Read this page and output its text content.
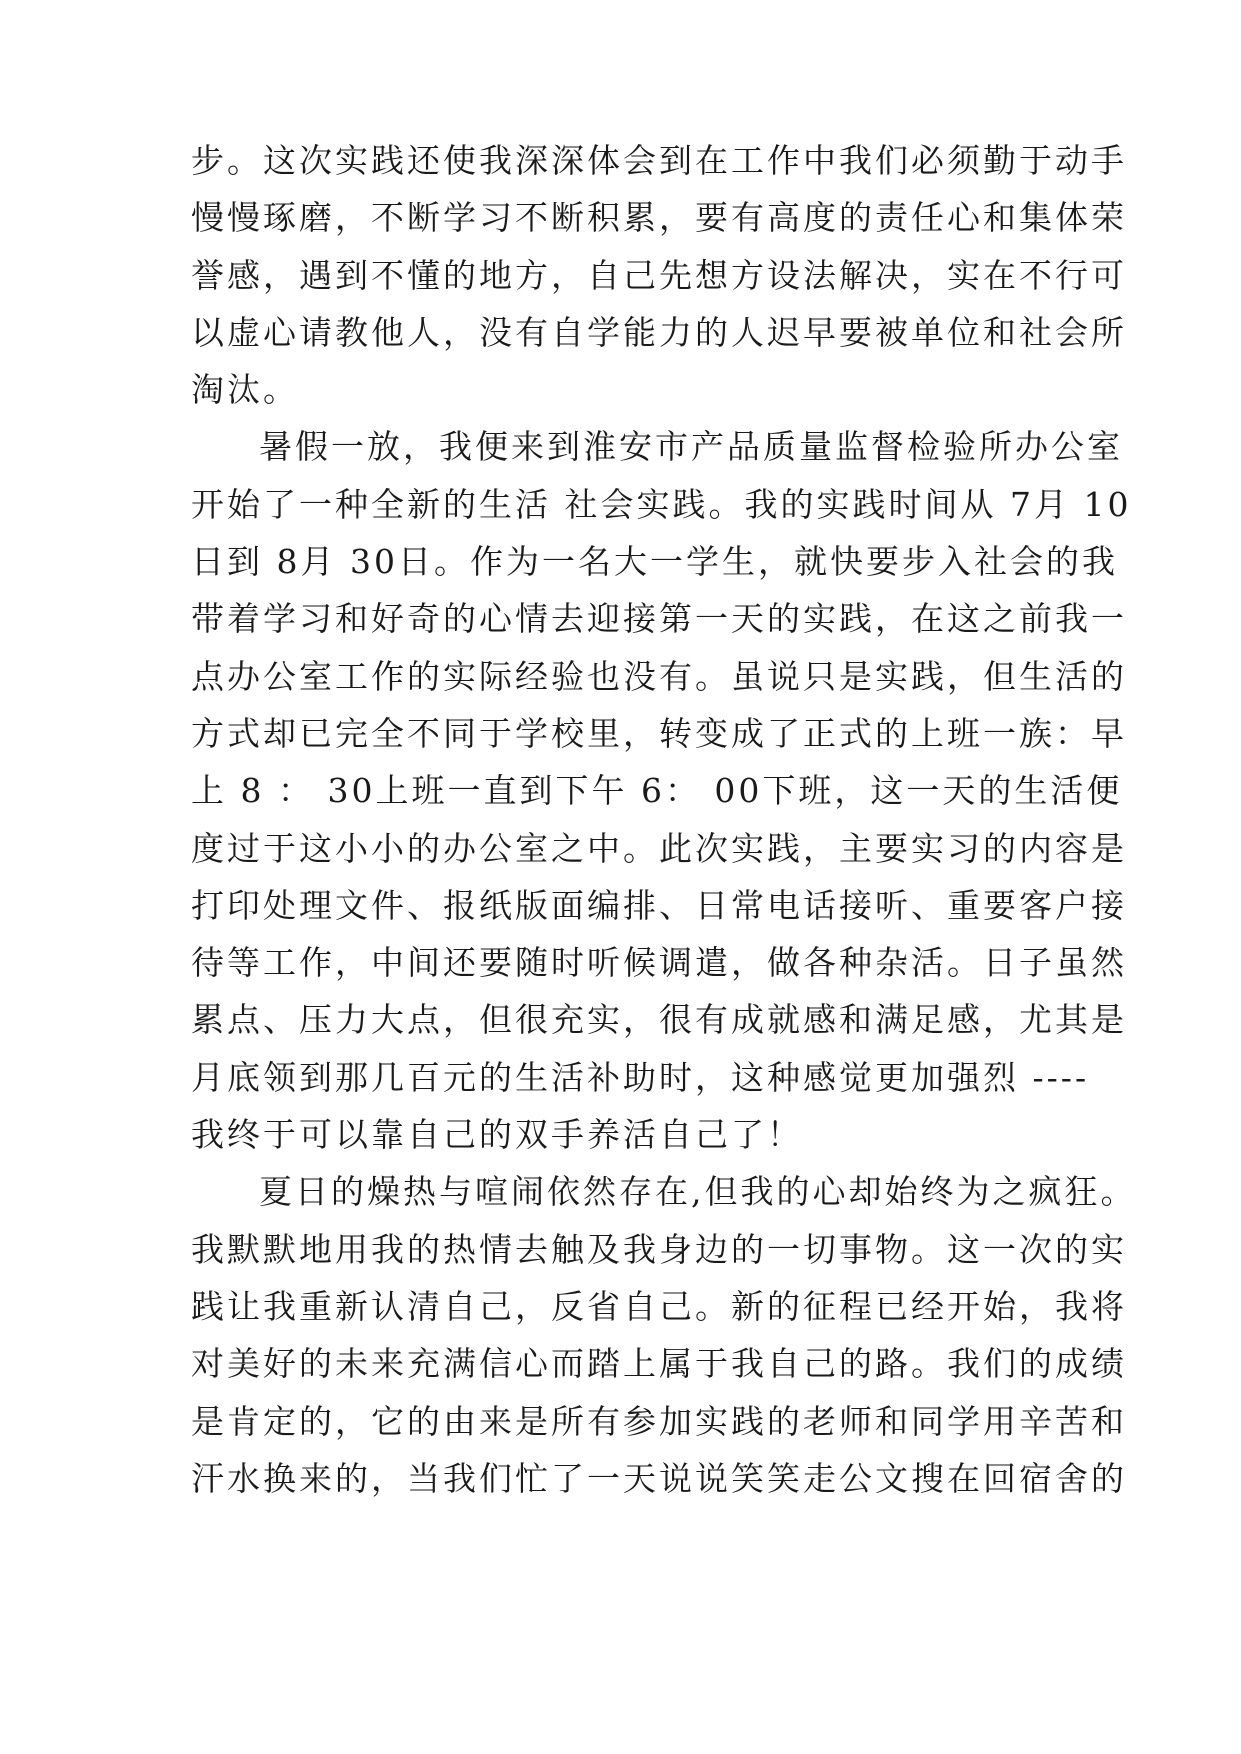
步。这次实践还使我深深体会到在工作中我们必须勤于动手
慢慢琢磨，不断学习不断积累，要有高度的责任心和集体荣
誉感，遇到不懂的地方，自己先想方设法解决，实在不行可
以虚心请教他人，没有自学能力的人迟早要被单位和社会所
淘汰。
暑假一放，我便来到淮安市产品质量监督检验所办公室
开始了一种全新的生活 社会实践。我的实践时间从 7月 10
日到 8月 30日。作为一名大一学生，就快要步入社会的我
带着学习和好奇的心情去迎接第一天的实践，在这之前我一
点办公室工作的实际经验也没有。虽说只是实践，但生活的
方式却已完全不同于学校里，转变成了正式的上班一族：早
上 8 ： 30上班一直到下午 6： 00下班，这一天的生活便
度过于这小小的办公室之中。此次实践，主要实习的内容是
打印处理文件、报纸版面编排、日常电话接听、重要客户接
待等工作，中间还要随时听候调遣，做各种杂活。日子虽然
累点、压力大点，但很充实，很有成就感和满足感，尤其是
月底领到那几百元的生活补助时，这种感觉更加强烈 ----
我终于可以靠自己的双手养活自己了！
夏日的燥热与喧闹依然存在,但我的心却始终为之疯狂。
我默默地用我的热情去触及我身边的一切事物。这一次的实
践让我重新认清自己，反省自己。新的征程已经开始，我将
对美好的未来充满信心而踏上属于我自己的路。我们的成绩
是肯定的，它的由来是所有参加实践的老师和同学用辛苦和
汗水换来的，当我们忙了一天说说笑笑走公文搜在回宿舍的
